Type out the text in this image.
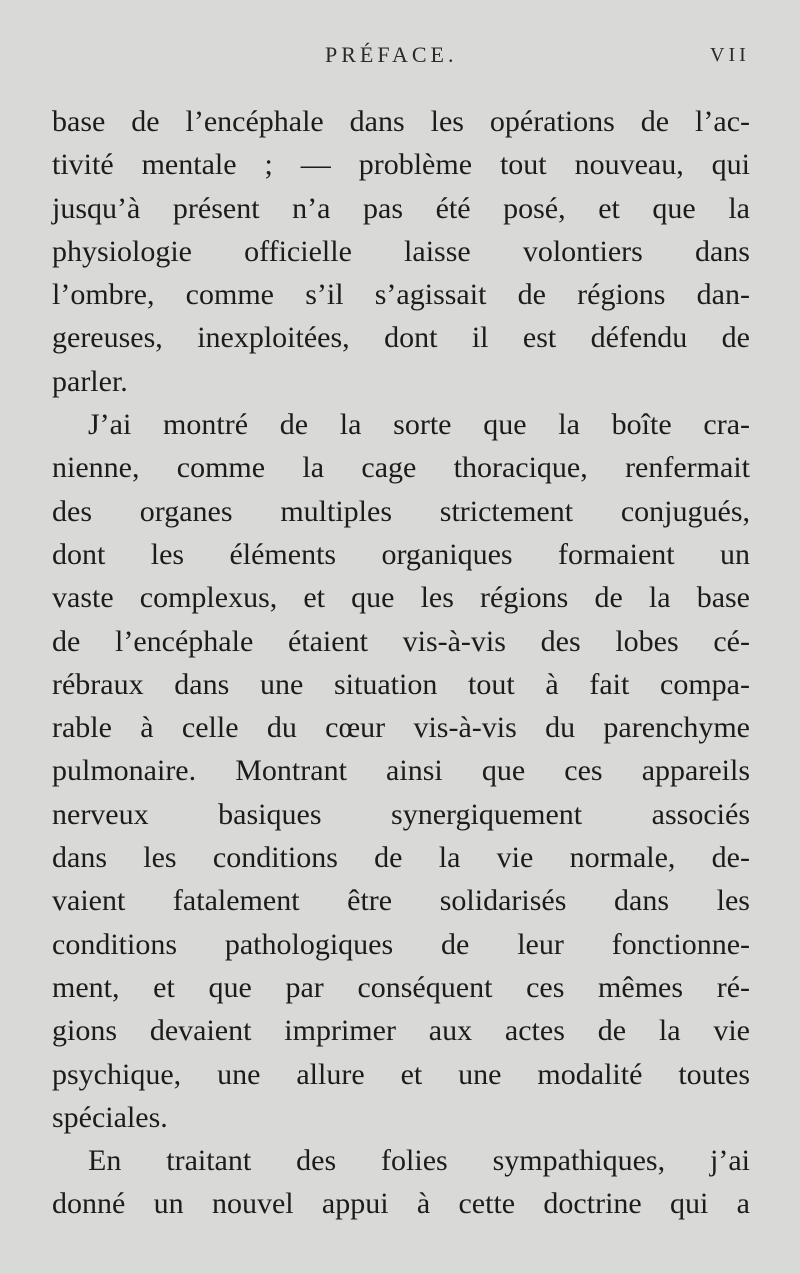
PRÉFACE.	VII
base de l’encéphale dans les opérations de l’ac-
tivité mentale ; — problème tout nouveau, qui
jusqu’à présent n’a pas été posé, et que la
physiologie officielle laisse volontiers dans
l’ombre, comme s’il s’agissait de régions dan-
gereuses, inexploitées, dont il est défendu de
parler.
J’ai montré de la sorte que la boîte cra-
nienne, comme la cage thoracique, renfermait
des organes multiples strictement conjugués,
dont les éléments organiques formaient un
vaste complexus, et que les régions de la base
de l’encéphale étaient vis-à-vis des lobes cé-
rébraux dans une situation tout à fait compa-
rable à celle du cœur vis-à-vis du parenchyme
pulmonaire. Montrant ainsi que ces appareils
nerveux basiques synergiquement associés
dans les conditions de la vie normale, de-
vaient fatalement être solidarisés dans les
conditions pathologiques de leur fonctionne-
ment, et que par conséquent ces mêmes ré-
gions devaient imprimer aux actes de la vie
psychique, une allure et une modalité toutes
spéciales.
En traitant des folies sympathiques, j’ai
donné un nouvel appui à cette doctrine qui a
